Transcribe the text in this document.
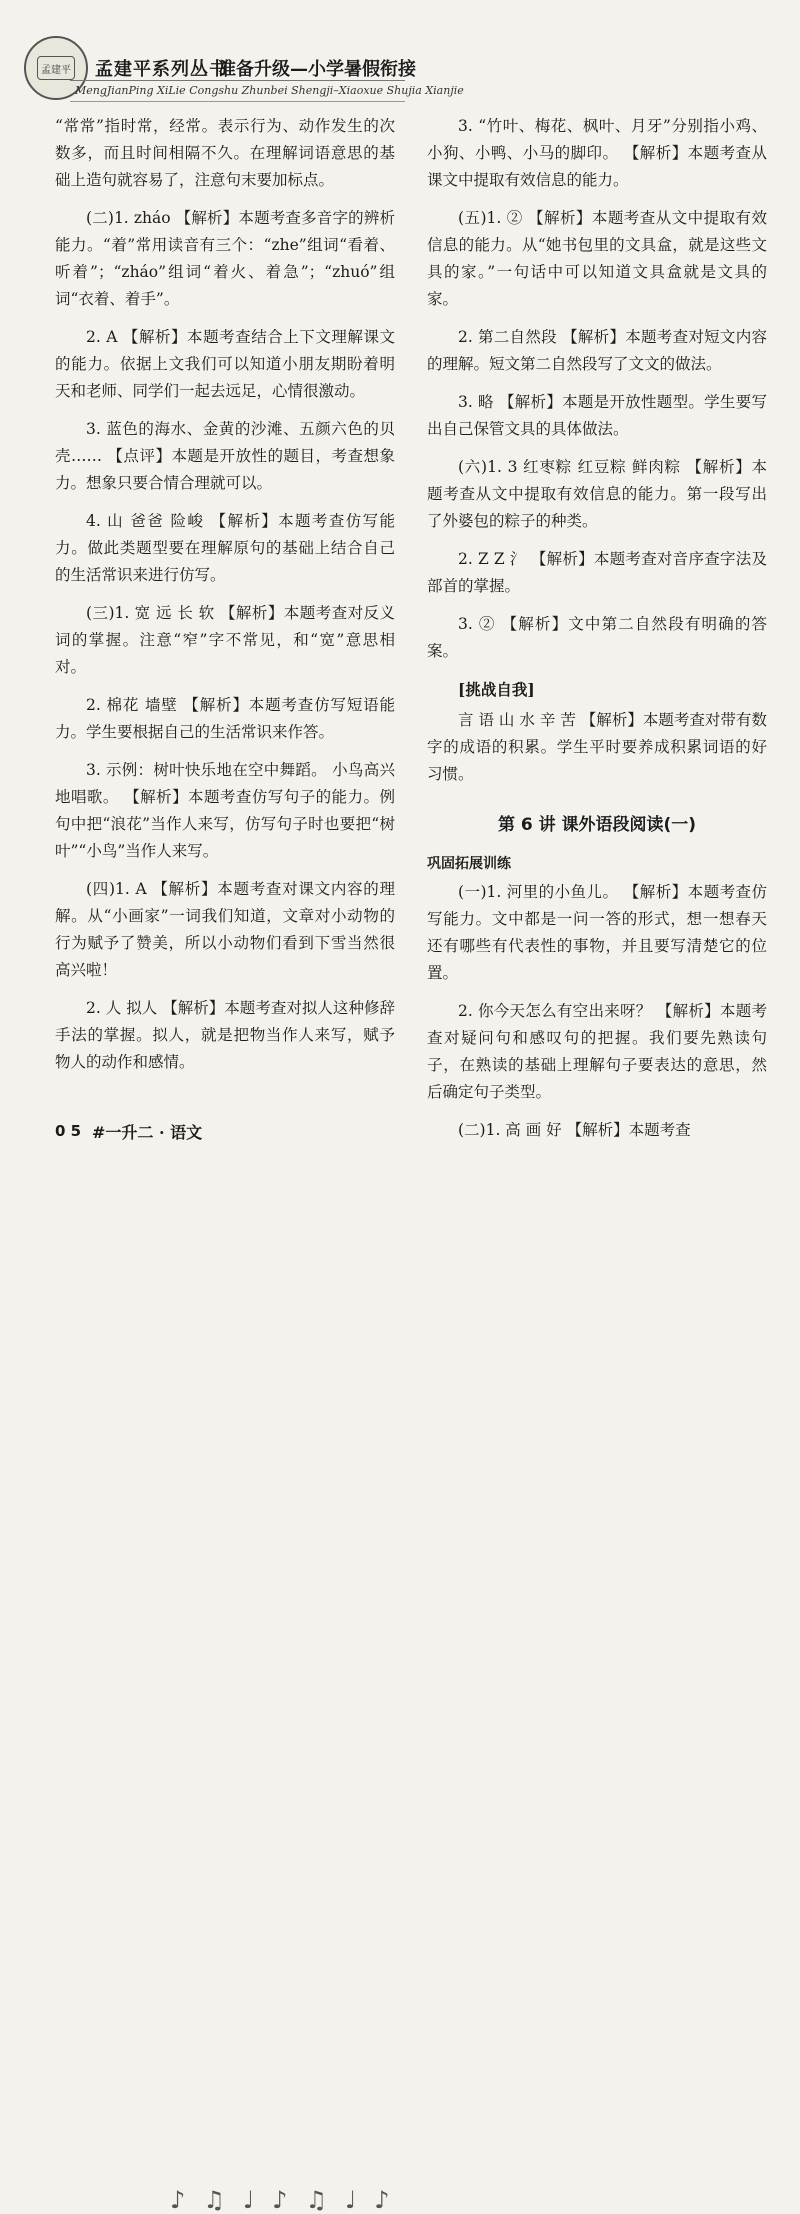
孟建平 孟建平系列丛书
准备升级—小学暑假衔接
MengJianPing XiLie Congshu Zhunbei Shengji–Xiaoxue Shujia Xianjie

“常常”指时常，经常。表示行为、动作发生的次数多，而且时间相隔不久。在理解词语意思的基础上造句就容易了，注意句末要加标点。

(二)1. zháo 【解析】本题考查多音字的辨析能力。“着”常用读音有三个：“zhe”组词“看着、听着”；“zháo”组词“着火、着急”；“zhuó”组词“衣着、着手”。

2. A 【解析】本题考查结合上下文理解课文的能力。依据上文我们可以知道小朋友期盼着明天和老师、同学们一起去远足，心情很激动。

3. 蓝色的海水、金黄的沙滩、五颜六色的贝壳…… 【点评】本题是开放性的题目，考查想象力。想象只要合情合理就可以。

4. 山 爸爸 险峻 【解析】本题考查仿写能力。做此类题型要在理解原句的基础上结合自己的生活常识来进行仿写。

(三)1. 宽 远 长 软 【解析】本题考查对反义词的掌握。注意“窄”字不常见，和“宽”意思相对。

2. 棉花 墙壁 【解析】本题考查仿写短语能力。学生要根据自己的生活常识来作答。

3. 示例：树叶快乐地在空中舞蹈。 小鸟高兴地唱歌。 【解析】本题考查仿写句子的能力。例句中把“浪花”当作人来写，仿写句子时也要把“树叶”“小鸟”当作人来写。

(四)1. A 【解析】本题考查对课文内容的理解。从“小画家”一词我们知道，文章对小动物的行为赋予了赞美，所以小动物们看到下雪当然很高兴啦！

2. 人 拟人 【解析】本题考查对拟人这种修辞手法的掌握。拟人，就是把物当作人来写，赋予物人的动作和感情。

3. “竹叶、梅花、枫叶、月牙”分别指小鸡、小狗、小鸭、小马的脚印。 【解析】本题考查从课文中提取有效信息的能力。

(五)1. ② 【解析】本题考查从文中提取有效信息的能力。从“她书包里的文具盒，就是这些文具的家。”一句话中可以知道文具盒就是文具的家。

2. 第二自然段 【解析】本题考查对短文内容的理解。短文第二自然段写了文文的做法。

3. 略 【解析】本题是开放性题型。学生要写出自己保管文具的具体做法。

(六)1. 3 红枣粽 红豆粽 鲜肉粽 【解析】本题考查从文中提取有效信息的能力。第一段写出了外婆包的粽子的种类。

2. Z Z 氵 【解析】本题考查对音序查字法及部首的掌握。

3. ② 【解析】文中第二自然段有明确的答案。

[挑战自我]

言 语 山 水 辛 苦 【解析】本题考查对带有数字的成语的积累。学生平时要养成积累词语的好习惯。

第 6 讲 课外语段阅读(一)
巩固拓展训练

(一)1. 河里的小鱼儿。 【解析】本题考查仿写能力。文中都是一问一答的形式，想一想春天还有哪些有代表性的事物，并且要写清楚它的位置。

2. 你今天怎么有空出来呀？ 【解析】本题考查对疑问句和感叹句的把握。我们要先熟读句子，在熟读的基础上理解句子要表达的意思，然后确定句子类型。

(二)1. 高 画 好 【解析】本题考查

♪♫♩♪♫♩♪
0 5 #一升二 · 语文
